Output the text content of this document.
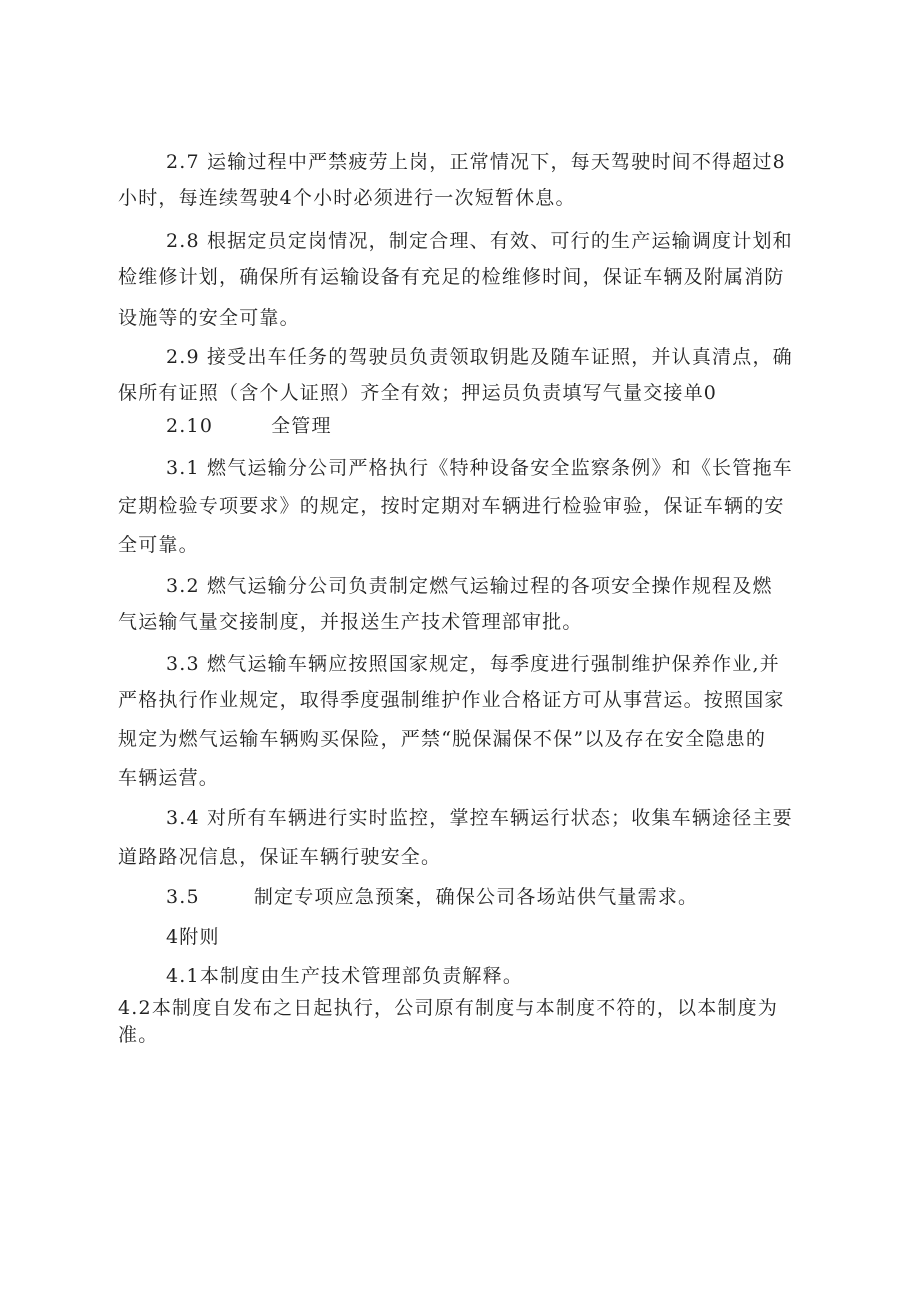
2.7 运输过程中严禁疲劳上岗，正常情况下，每天驾驶时间不得超过8
小时，每连续驾驶4个小时必须进行一次短暂休息。
2.8 根据定员定岗情况，制定合理、有效、可行的生产运输调度计划和
检维修计划，确保所有运输设备有充足的检维修时间，保证车辆及附属消防
设施等的安全可靠。
2.9 接受出车任务的驾驶员负责领取钥匙及随车证照，并认真清点，确
保所有证照（含个人证照）齐全有效；押运员负责填写气量交接单0
2.10	全管理
3.1 燃气运输分公司严格执行《特种设备安全监察条例》和《长管拖车
定期检验专项要求》的规定，按时定期对车辆进行检验审验，保证车辆的安
全可靠。
3.2 燃气运输分公司负责制定燃气运输过程的各项安全操作规程及燃
气运输气量交接制度，并报送生产技术管理部审批。
3.3 燃气运输车辆应按照国家规定，每季度进行强制维护保养作业,并
严格执行作业规定，取得季度强制维护作业合格证方可从事营运。按照国家
规定为燃气运输车辆购买保险，严禁“脱保漏保不保”以及存在安全隐患的
车辆运营。
3.4 对所有车辆进行实时监控，掌控车辆运行状态；收集车辆途径主要
道路路况信息，保证车辆行驶安全。
3.5	制定专项应急预案，确保公司各场站供气量需求。
4附则
4.1本制度由生产技术管理部负责解释。
4.2本制度自发布之日起执行，公司原有制度与本制度不符的，以本制度为
准。
